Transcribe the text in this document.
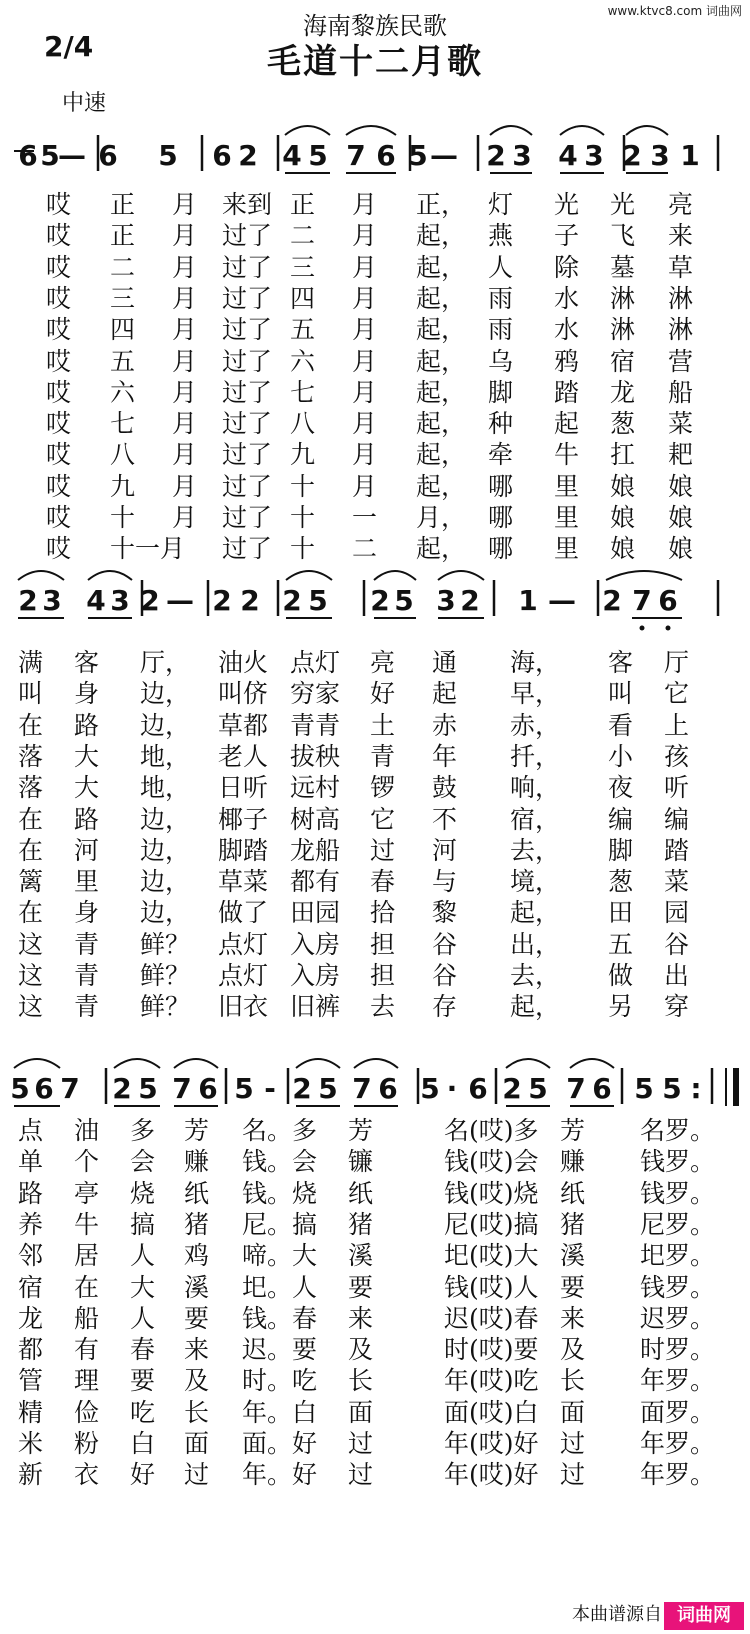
www.ktvc8.com 词曲网
海南黎族民歌
毛道十二月歌
2/4
中速
6 5
— 6 5 6 2 4 5 7 6 5 — 2 3 4 3 2 3 1
2 3 4 3 2 — 2 2 2 5 2 5 3 2 1 — 2 7 6
5 6 7 2 5 7 6 5 - 2 5 7 6 5 · 6 2 5 7 6 5 5 :
哎 正 月 来到 正 月 正， 灯 光 光 亮
哎 正 月 过了 二 月 起， 燕 子 飞 来
哎 二 月 过了 三 月 起， 人 除 墓 草
哎 三 月 过了 四 月 起， 雨 水 淋 淋
哎 四 月 过了 五 月 起， 雨 水 淋 淋
哎 五 月 过了 六 月 起， 乌 鸦 宿 营
哎 六 月 过了 七 月 起， 脚 踏 龙 船
哎 七 月 过了 八 月 起， 种 起 葱 菜
哎 八 月 过了 九 月 起， 牵 牛 扛 耙
哎 九 月 过了 十 月 起， 哪 里 娘 娘
哎 十 月 过了 十 一 月， 哪 里 娘 娘
哎 十一月 过了 十 二 起， 哪 里 娘 娘
满 客 厅， 油火 点灯 亮 通 海， 客 厅
叫 身 边， 叫侪 穷家 好 起 早， 叫 它
在 路 边， 草都 青青 土 赤 赤， 看 上
落 大 地， 老人 拔秧 青 年 扦， 小 孩
落 大 地， 日听 远村 锣 鼓 响， 夜 听
在 路 边， 椰子 树高 它 不 宿， 编 编
在 河 边， 脚踏 龙船 过 河 去， 脚 踏
篱 里 边， 草菜 都有 春 与 境， 葱 菜
在 身 边， 做了 田园 拾 黎 起， 田 园
这 青 鲜？ 点灯 入房 担 谷 出， 五 谷
这 青 鲜？ 点灯 入房 担 谷 去， 做 出
这 青 鲜？ 旧衣 旧裤 去 存 起， 另 穿
点 油 多 芳 名。多 芳	名(哎)多 芳 名罗。
单 个 会 赚 钱。会 镰	钱(哎)会 赚 钱罗。
路 亭 烧 纸 钱。烧 纸	钱(哎)烧 纸 钱罗。
养 牛 搞 猪 尼。搞 猪	尼(哎)搞 猪 尼罗。
邻 居 人 鸡 啼。大 溪	圯(哎)大 溪 圯罗。
宿 在 大 溪 圯。人 要	钱(哎)人 要 钱罗。
龙 船 人 要 钱。春 来	迟(哎)春 来 迟罗。
都 有 春 来 迟。要 及	时(哎)要 及 时罗。
管 理 要 及 时。吃 长	年(哎)吃 长 年罗。
精 俭 吃 长 年。白 面	面(哎)白 面 面罗。
米 粉 白 面 面。好 过	年(哎)好 过 年罗。
新 衣 好 过 年。好 过	年(哎)好 过 年罗。
本曲谱源自 词曲网
